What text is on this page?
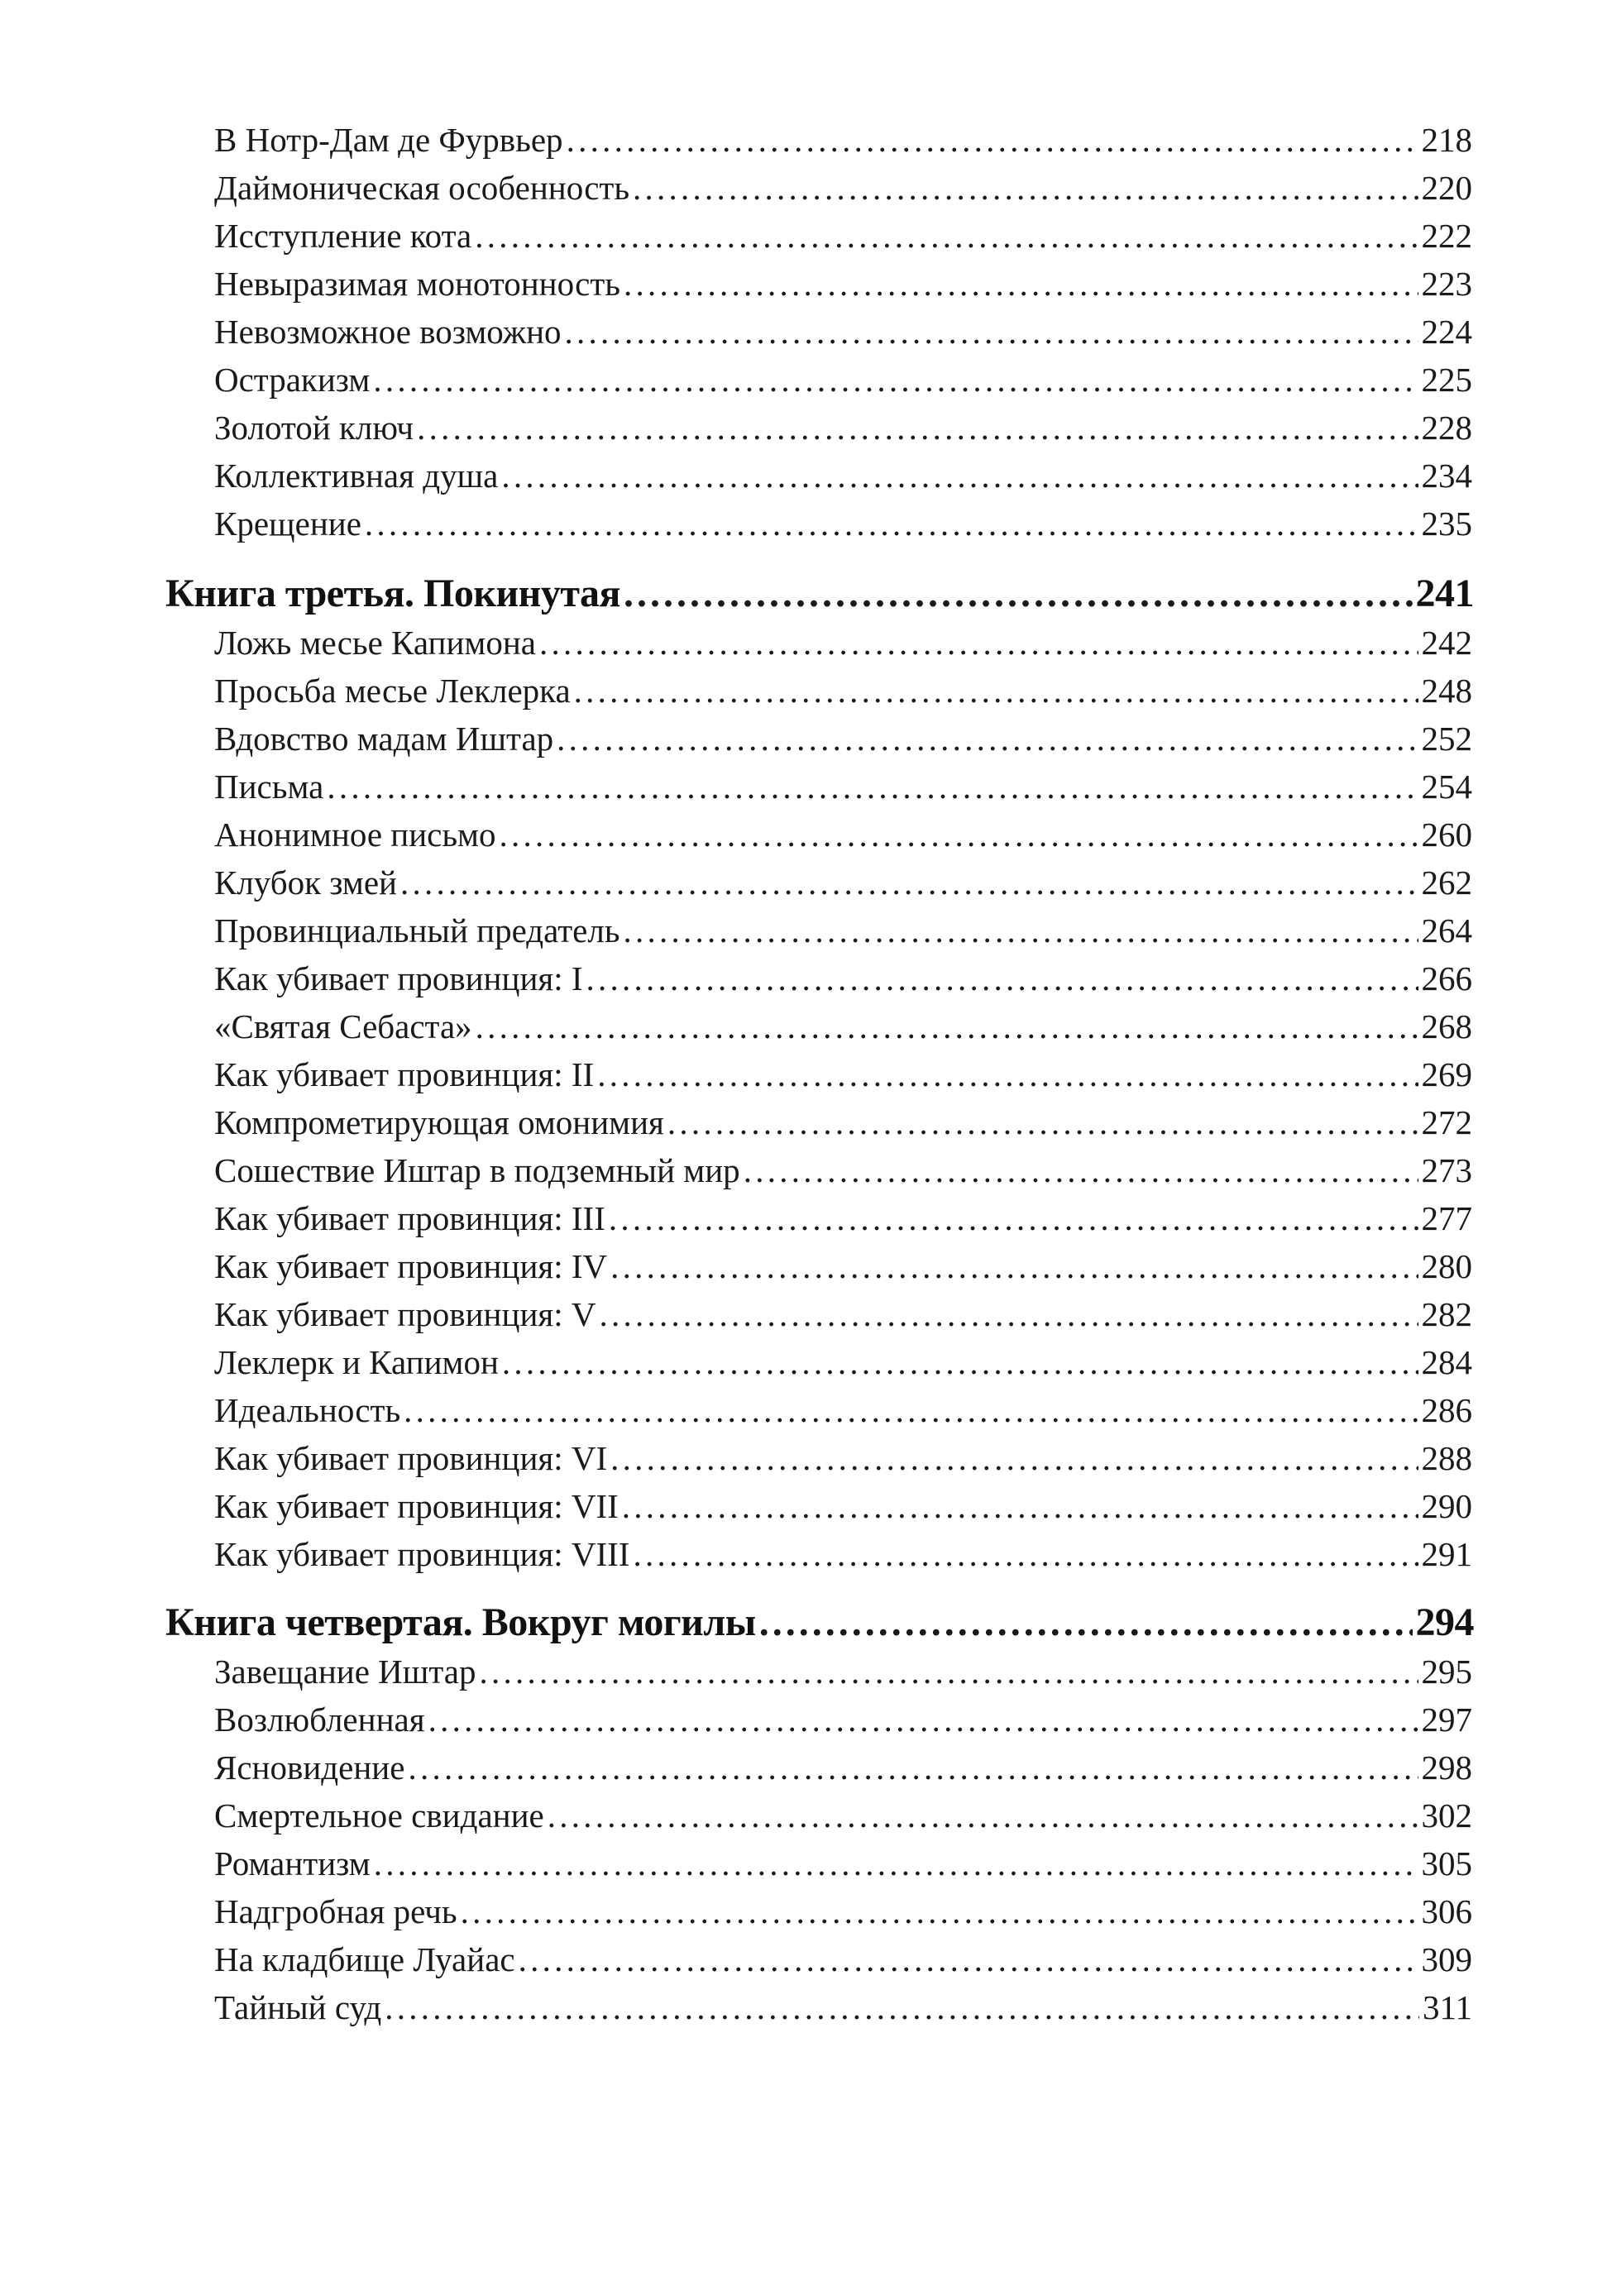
В Нотр-Дам де Фурвьер . . .	218
Даймоническая особенность . . .	220
Исступление кота . . .	222
Невыразимая монотонность . . .	223
Невозможное возможно . . .	224
Остракизм . . .	225
Золотой ключ . . .	228
Коллективная душа . . .	234
Крещение . . .	235
Книга третья. Покинутая . . .	241
Ложь месье Капимона . . .	242
Просьба месье Леклерка . . .	248
Вдовство мадам Иштар . . .	252
Письма . . .	254
Анонимное письмо . . .	260
Клубок змей . . .	262
Провинциальный предатель . . .	264
Как убивает провинция: I . . .	266
«Святая Себаста» . . .	268
Как убивает провинция: II . . .	269
Компрометирующая омонимия . . .	272
Сошествие Иштар в подземный мир . . .	273
Как убивает провинция: III . . .	277
Как убивает провинция: IV . . .	280
Как убивает провинция: V . . .	282
Леклерк и Капимон . . .	284
Идеальность . . .	286
Как убивает провинция: VI . . .	288
Как убивает провинция: VII . . .	290
Как убивает провинция: VIII . . .	291
Книга четвертая. Вокруг могилы . . .	294
Завещание Иштар . . .	295
Возлюбленная . . .	297
Ясновидение . . .	298
Смертельное свидание . . .	302
Романтизм . . .	305
Надгробная речь . . .	306
На кладбище Луайас . . .	309
Тайный суд . . .	311
